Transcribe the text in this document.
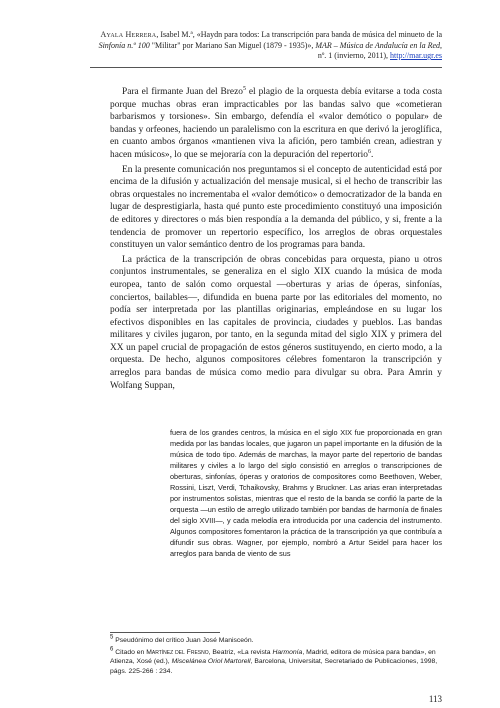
Ayala Herrera, Isabel M.ª, «Haydn para todos: La transcripción para banda de música del minueto de la Sinfonía n.º 100 "Militar" por Mariano San Miguel (1879 - 1935)», MAR – Música de Andalucía en la Red, nº. 1 (invierno, 2011), http://mar.ugr.es

Para el firmante Juan del Brezo$^5$ el plagio de la orquesta debía evitarse a toda costa porque muchas obras eran impracticables por las bandas salvo que «cometieran barbarismos y torsiones». Sin embargo, defendía el «valor demótico o popular» de bandas y orfeones, haciendo un paralelismo con la escritura en que derivó la jeroglífica, en cuanto ambos órganos «mantienen viva la afición, pero también crean, adiestran y hacen músicos», lo que se mejoraría con la depuración del repertorio$^6$.

En la presente comunicación nos preguntamos si el concepto de autenticidad está por encima de la difusión y actualización del mensaje musical, si el hecho de transcribir las obras orquestales no incrementaba el «valor demótico» o democratizador de la banda en lugar de desprestigiarla, hasta qué punto este procedimiento constituyó una imposición de editores y directores o más bien respondía a la demanda del público, y si, frente a la tendencia de promover un repertorio específico, los arreglos de obras orquestales constituyen un valor semántico dentro de los programas para banda.

La práctica de la transcripción de obras concebidas para orquesta, piano u otros conjuntos instrumentales, se generaliza en el siglo XIX cuando la música de moda europea, tanto de salón como orquestal —oberturas y arias de óperas, sinfonías, conciertos, bailables—, difundida en buena parte por las editoriales del momento, no podía ser interpretada por las plantillas originarias, empleándose en su lugar los efectivos disponibles en las capitales de provincia, ciudades y pueblos. Las bandas militares y civiles jugaron, por tanto, en la segunda mitad del siglo XIX y primera del XX un papel crucial de propagación de estos géneros sustituyendo, en cierto modo, a la orquesta. De hecho, algunos compositores célebres fomentaron la transcripción y arreglos para bandas de música como medio para divulgar su obra. Para Amrin y Wolfang Suppan,

fuera de los grandes centros, la música en el siglo XIX fue proporcionada en gran medida por las bandas locales, que jugaron un papel importante en la difusión de la música de todo tipo. Además de marchas, la mayor parte del repertorio de bandas militares y civiles a lo largo del siglo consistió en arreglos o transcripciones de oberturas, sinfonías, óperas y oratorios de compositores como Beethoven, Weber, Rossini, Liszt, Verdi, Tchaikovsky, Brahms y Bruckner. Las arias eran interpretadas por instrumentos solistas, mientras que el resto de la banda se confió la parte de la orquesta —un estilo de arreglo utilizado también por bandas de harmonía de finales del siglo XVIII—, y cada melodía era introducida por una cadencia del instrumento. Algunos compositores fomentaron la práctica de la transcripción ya que contribuía a difundir sus obras. Wagner, por ejemplo, nombró a Artur Seidel para hacer los arreglos para banda de viento de sus

$^5$ Pseudónimo del crítico Juan José Manisceón.

$^6$ Citado en Martínez del Fresno, Beatriz, «La revista Harmonía, Madrid, editora de música para banda», en Atienza, Xosé (ed.), Miscelánea Oriol Martorell, Barcelona, Universitat, Secretariado de Publicaciones, 1998, págs. 225-266 : 234.

113
